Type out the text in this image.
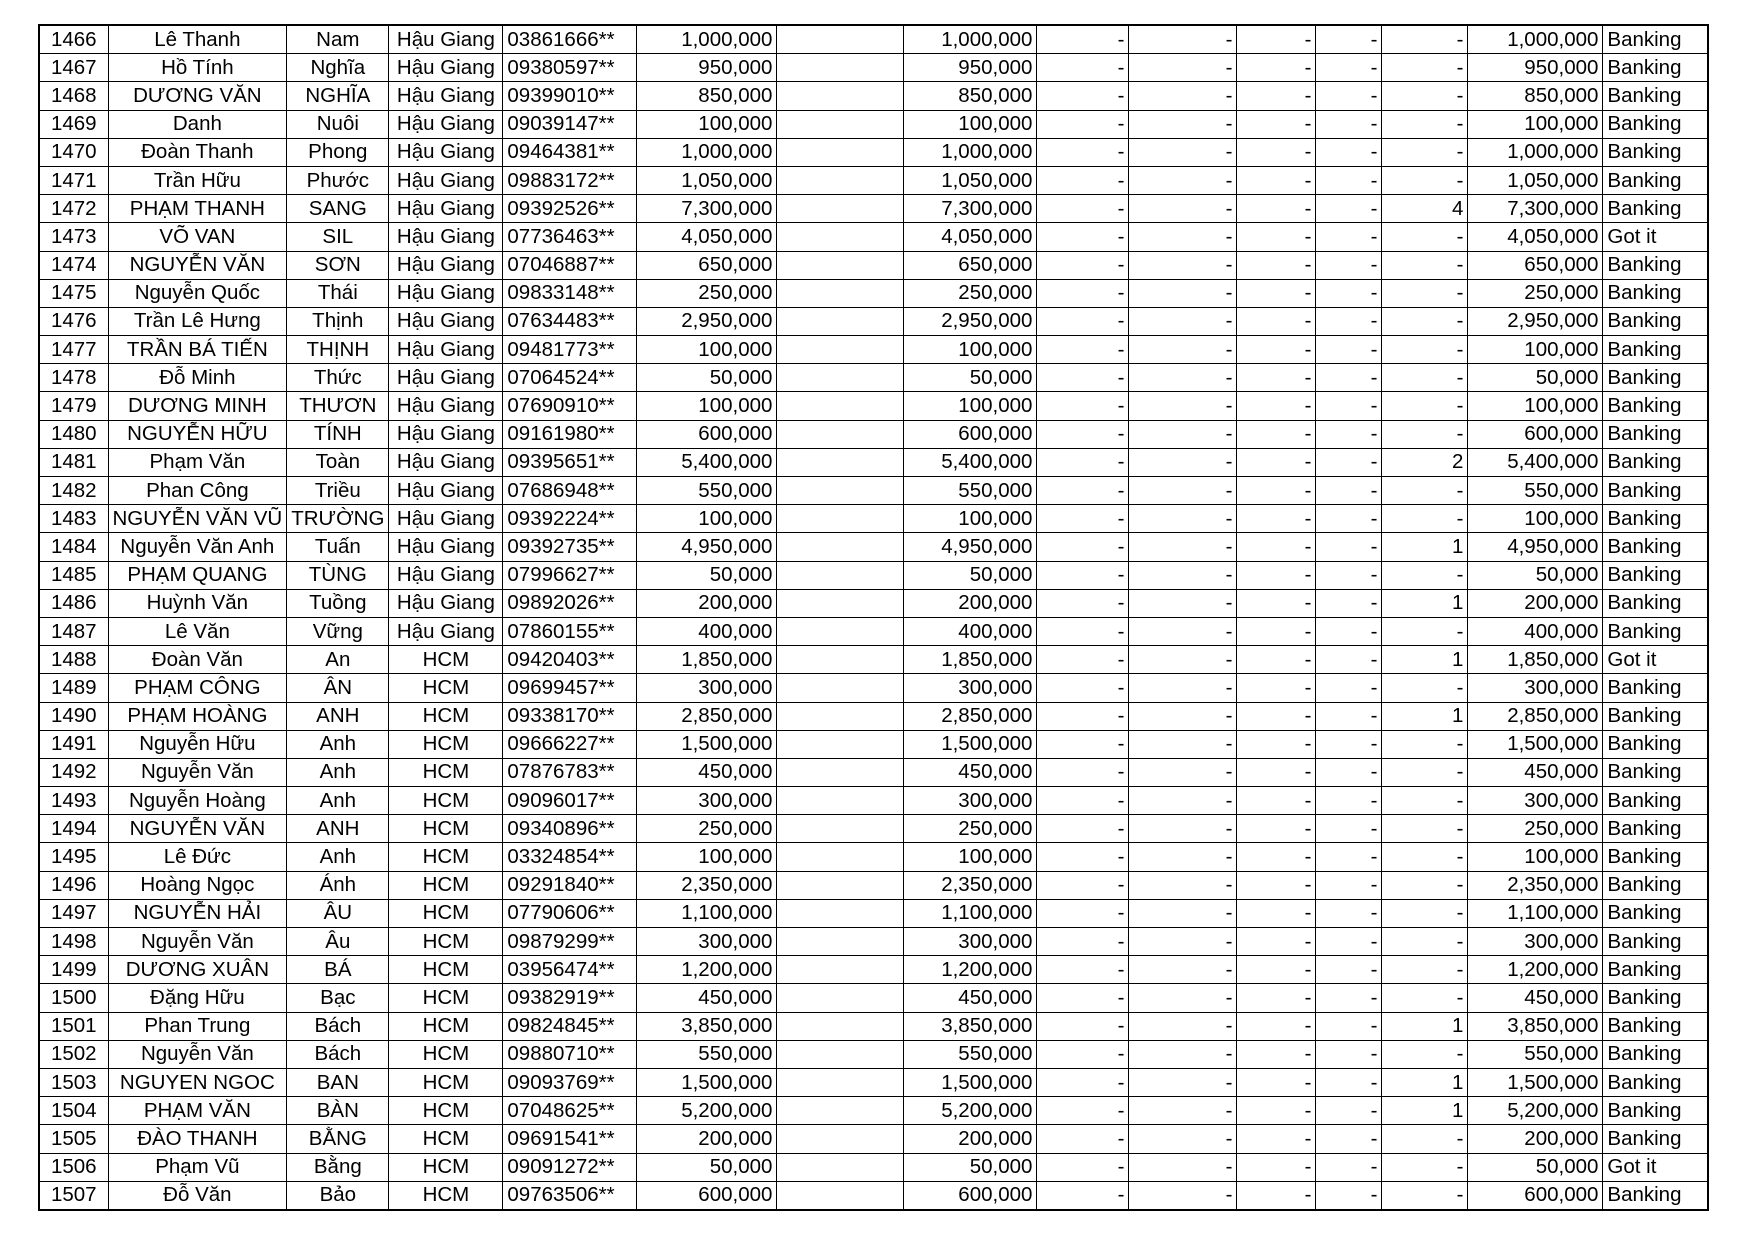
1466	Lê Thanh	Nam	Hậu Giang	03861666**	1,000,000		1,000,000	-	-	-	-	-	1,000,000	Banking
1467	Hồ Tính	Nghĩa	Hậu Giang	09380597**	950,000		950,000	-	-	-	-	-	950,000	Banking
1468	DƯƠNG VĂN	NGHĨA	Hậu Giang	09399010**	850,000		850,000	-	-	-	-	-	850,000	Banking
1469	Danh	Nuôi	Hậu Giang	09039147**	100,000		100,000	-	-	-	-	-	100,000	Banking
1470	Đoàn Thanh	Phong	Hậu Giang	09464381**	1,000,000		1,000,000	-	-	-	-	-	1,000,000	Banking
1471	Trần Hữu	Phước	Hậu Giang	09883172**	1,050,000		1,050,000	-	-	-	-	-	1,050,000	Banking
1472	PHẠM THANH	SANG	Hậu Giang	09392526**	7,300,000		7,300,000	-	-	-	-	4	7,300,000	Banking
1473	VÕ VAN	SIL	Hậu Giang	07736463**	4,050,000		4,050,000	-	-	-	-	-	4,050,000	Got it
1474	NGUYỄN VĂN	SƠN	Hậu Giang	07046887**	650,000		650,000	-	-	-	-	-	650,000	Banking
1475	Nguyễn Quốc	Thái	Hậu Giang	09833148**	250,000		250,000	-	-	-	-	-	250,000	Banking
1476	Trần Lê Hưng	Thịnh	Hậu Giang	07634483**	2,950,000		2,950,000	-	-	-	-	-	2,950,000	Banking
1477	TRẦN BÁ TIẾN	THỊNH	Hậu Giang	09481773**	100,000		100,000	-	-	-	-	-	100,000	Banking
1478	Đỗ Minh	Thức	Hậu Giang	07064524**	50,000		50,000	-	-	-	-	-	50,000	Banking
1479	DƯƠNG MINH	THƯƠN	Hậu Giang	07690910**	100,000		100,000	-	-	-	-	-	100,000	Banking
1480	NGUYỄN HỮU	TÍNH	Hậu Giang	09161980**	600,000		600,000	-	-	-	-	-	600,000	Banking
1481	Phạm Văn	Toàn	Hậu Giang	09395651**	5,400,000		5,400,000	-	-	-	-	2	5,400,000	Banking
1482	Phan Công	Triều	Hậu Giang	07686948**	550,000		550,000	-	-	-	-	-	550,000	Banking
1483	NGUYỄN VĂN VŨ	TRƯỜNG	Hậu Giang	09392224**	100,000		100,000	-	-	-	-	-	100,000	Banking
1484	Nguyễn Văn Anh	Tuấn	Hậu Giang	09392735**	4,950,000		4,950,000	-	-	-	-	1	4,950,000	Banking
1485	PHẠM QUANG	TÙNG	Hậu Giang	07996627**	50,000		50,000	-	-	-	-	-	50,000	Banking
1486	Huỳnh Văn	Tuồng	Hậu Giang	09892026**	200,000		200,000	-	-	-	-	1	200,000	Banking
1487	Lê Văn	Vững	Hậu Giang	07860155**	400,000		400,000	-	-	-	-	-	400,000	Banking
1488	Đoàn Văn	An	HCM	09420403**	1,850,000		1,850,000	-	-	-	-	1	1,850,000	Got it
1489	PHẠM CÔNG	ÂN	HCM	09699457**	300,000		300,000	-	-	-	-	-	300,000	Banking
1490	PHẠM HOÀNG	ANH	HCM	09338170**	2,850,000		2,850,000	-	-	-	-	1	2,850,000	Banking
1491	Nguyễn Hữu	Anh	HCM	09666227**	1,500,000		1,500,000	-	-	-	-	-	1,500,000	Banking
1492	Nguyễn Văn	Anh	HCM	07876783**	450,000		450,000	-	-	-	-	-	450,000	Banking
1493	Nguyễn Hoàng	Anh	HCM	09096017**	300,000		300,000	-	-	-	-	-	300,000	Banking
1494	NGUYỄN VĂN	ANH	HCM	09340896**	250,000		250,000	-	-	-	-	-	250,000	Banking
1495	Lê Đức	Anh	HCM	03324854**	100,000		100,000	-	-	-	-	-	100,000	Banking
1496	Hoàng Ngọc	Ánh	HCM	09291840**	2,350,000		2,350,000	-	-	-	-	-	2,350,000	Banking
1497	NGUYỄN HẢI	ÂU	HCM	07790606**	1,100,000		1,100,000	-	-	-	-	-	1,100,000	Banking
1498	Nguyễn Văn	Âu	HCM	09879299**	300,000		300,000	-	-	-	-	-	300,000	Banking
1499	DƯƠNG XUÂN	BÁ	HCM	03956474**	1,200,000		1,200,000	-	-	-	-	-	1,200,000	Banking
1500	Đặng Hữu	Bạc	HCM	09382919**	450,000		450,000	-	-	-	-	-	450,000	Banking
1501	Phan Trung	Bách	HCM	09824845**	3,850,000		3,850,000	-	-	-	-	1	3,850,000	Banking
1502	Nguyễn Văn	Bách	HCM	09880710**	550,000		550,000	-	-	-	-	-	550,000	Banking
1503	NGUYEN NGOC	BAN	HCM	09093769**	1,500,000		1,500,000	-	-	-	-	1	1,500,000	Banking
1504	PHẠM VĂN	BÀN	HCM	07048625**	5,200,000		5,200,000	-	-	-	-	1	5,200,000	Banking
1505	ĐÀO THANH	BẰNG	HCM	09691541**	200,000		200,000	-	-	-	-	-	200,000	Banking
1506	Phạm Vũ	Bằng	HCM	09091272**	50,000		50,000	-	-	-	-	-	50,000	Got it
1507	Đỗ Văn	Bảo	HCM	09763506**	600,000		600,000	-	-	-	-	-	600,000	Banking
